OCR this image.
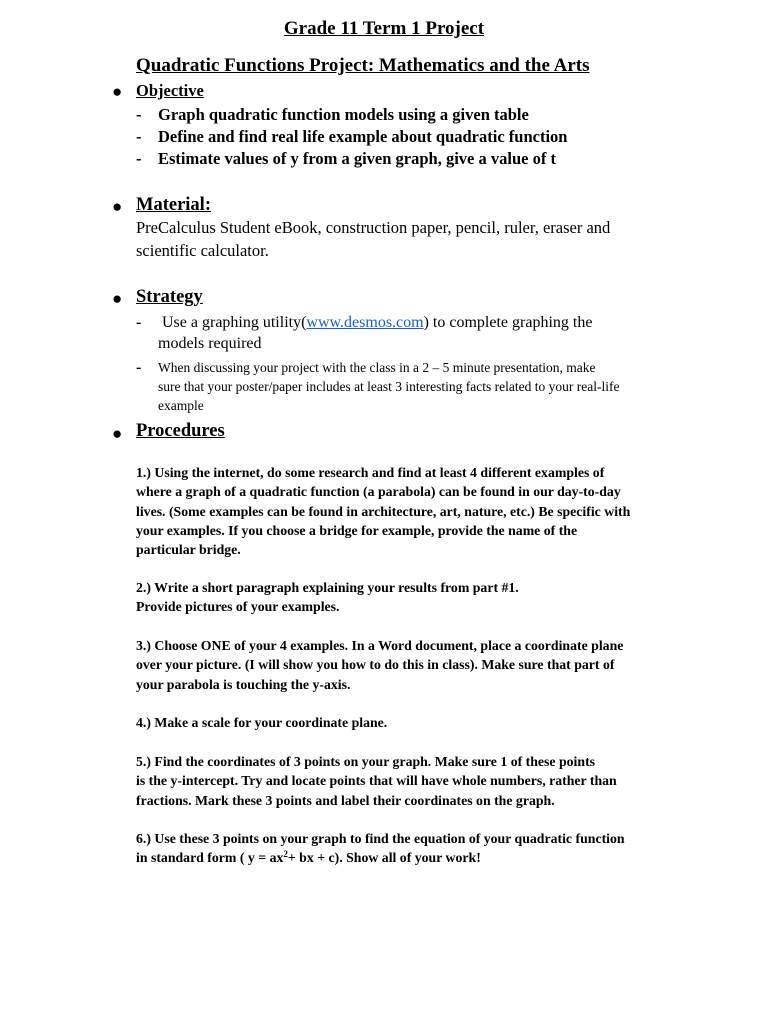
Grade 11 Term 1 Project
Quadratic Functions Project: Mathematics and the Arts
● Objective
- Graph quadratic function models using a given table
- Define and find real life example about quadratic function
- Estimate values of y from a given graph, give a value of t
● Material:
PreCalculus Student eBook, construction paper, pencil, ruler, eraser and
scientific calculator.
● Strategy
- Use a graphing utility(www.desmos.com) to complete graphing the
models required
- When discussing your project with the class in a 2 – 5 minute presentation, make
sure that your poster/paper includes at least 3 interesting facts related to your real-life
example
● Procedures
1.) Using the internet, do some research and find at least 4 different examples of
where a graph of a quadratic function (a parabola) can be found in our day-to-day
lives. (Some examples can be found in architecture, art, nature, etc.) Be specific with
your examples. If you choose a bridge for example, provide the name of the
particular bridge.
2.) Write a short paragraph explaining your results from part #1.
Provide pictures of your examples.
3.) Choose ONE of your 4 examples. In a Word document, place a coordinate plane
over your picture. (I will show you how to do this in class). Make sure that part of
your parabola is touching the y-axis.
4.) Make a scale for your coordinate plane.
5.) Find the coordinates of 3 points on your graph. Make sure 1 of these points
is the y-intercept. Try and locate points that will have whole numbers, rather than
fractions. Mark these 3 points and label their coordinates on the graph.
6.) Use these 3 points on your graph to find the equation of your quadratic function
in standard form ( $y = ax^2+$ bx + c). Show all of your work!
